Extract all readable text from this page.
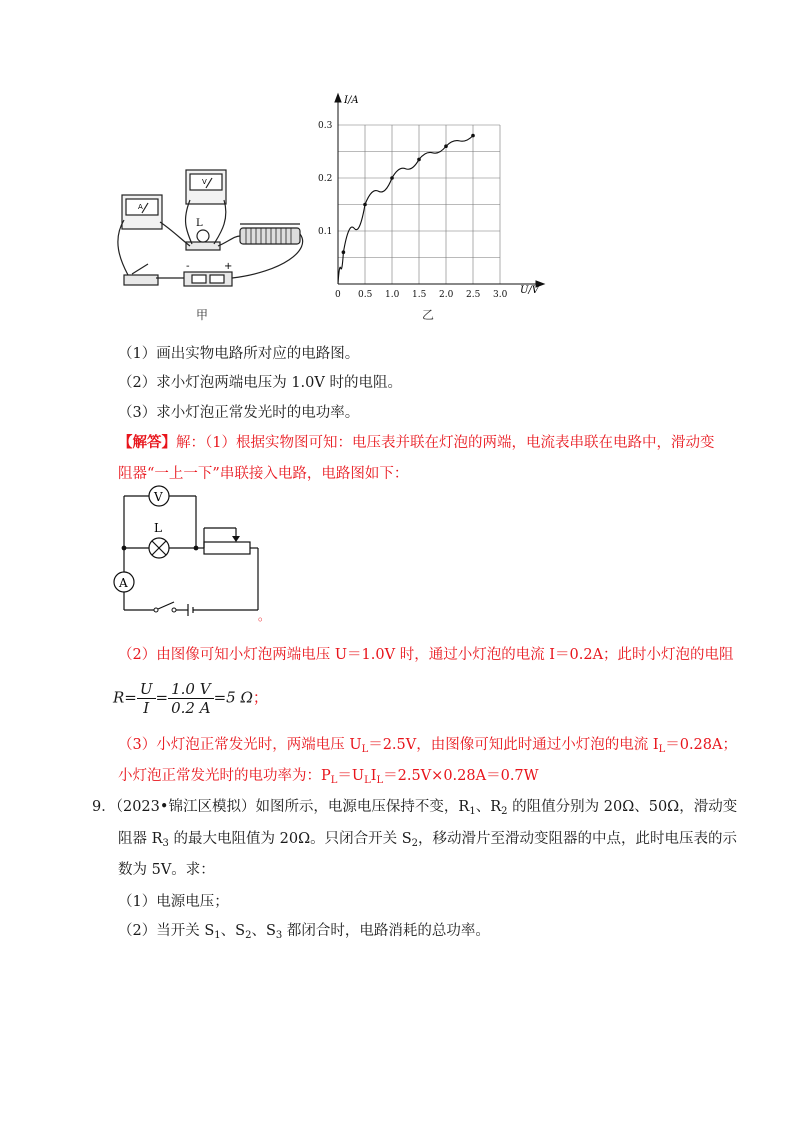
A
V
L
-	+
甲
0 0.5 1.0 1.5 2.0 2.5 3.0
0.1
0.2
0.3
I/A
U/V
乙
（1）画出实物电路所对应的电路图。
（2）求小灯泡两端电压为 1.0V 时的电阻。
（3）求小灯泡正常发光时的电功率。
【解答】解：（1）根据实物图可知：电压表并联在灯泡的两端，电流表串联在电路中，滑动变
阻器“一上一下”串联接入电路，电路图如下：
V
L
A
。
（2）由图像可知小灯泡两端电压 U＝1.0V 时，通过小灯泡的电流 I＝0.2A；此时小灯泡的电阻
$R= \frac{U}{I} = \frac{1.0 V}{0.2 A} =5$ Ω；
（3）小灯泡正常发光时，两端电压 $U_L=2.5V$，由图像可知此时通过小灯泡的电流 $I_L=0.28A$；
小灯泡正常发光时的电功率为：$P_L=U_LI_L=2.5V\times 0.28A=0.7W$
9．（2023•锦江区模拟）如图所示，电源电压保持不变，$R_1$、$R_2$ 的阻值分别为 20Ω、50Ω，滑动变
阻器 $R_3$ 的最大电阻值为 20Ω。只闭合开关 $S_2$，移动滑片至滑动变阻器的中点，此时电压表的示
数为 5V。求：
（1）电源电压；
（2）当开关 $S_1$、$S_2$、$S_3$ 都闭合时，电路消耗的总功率。
